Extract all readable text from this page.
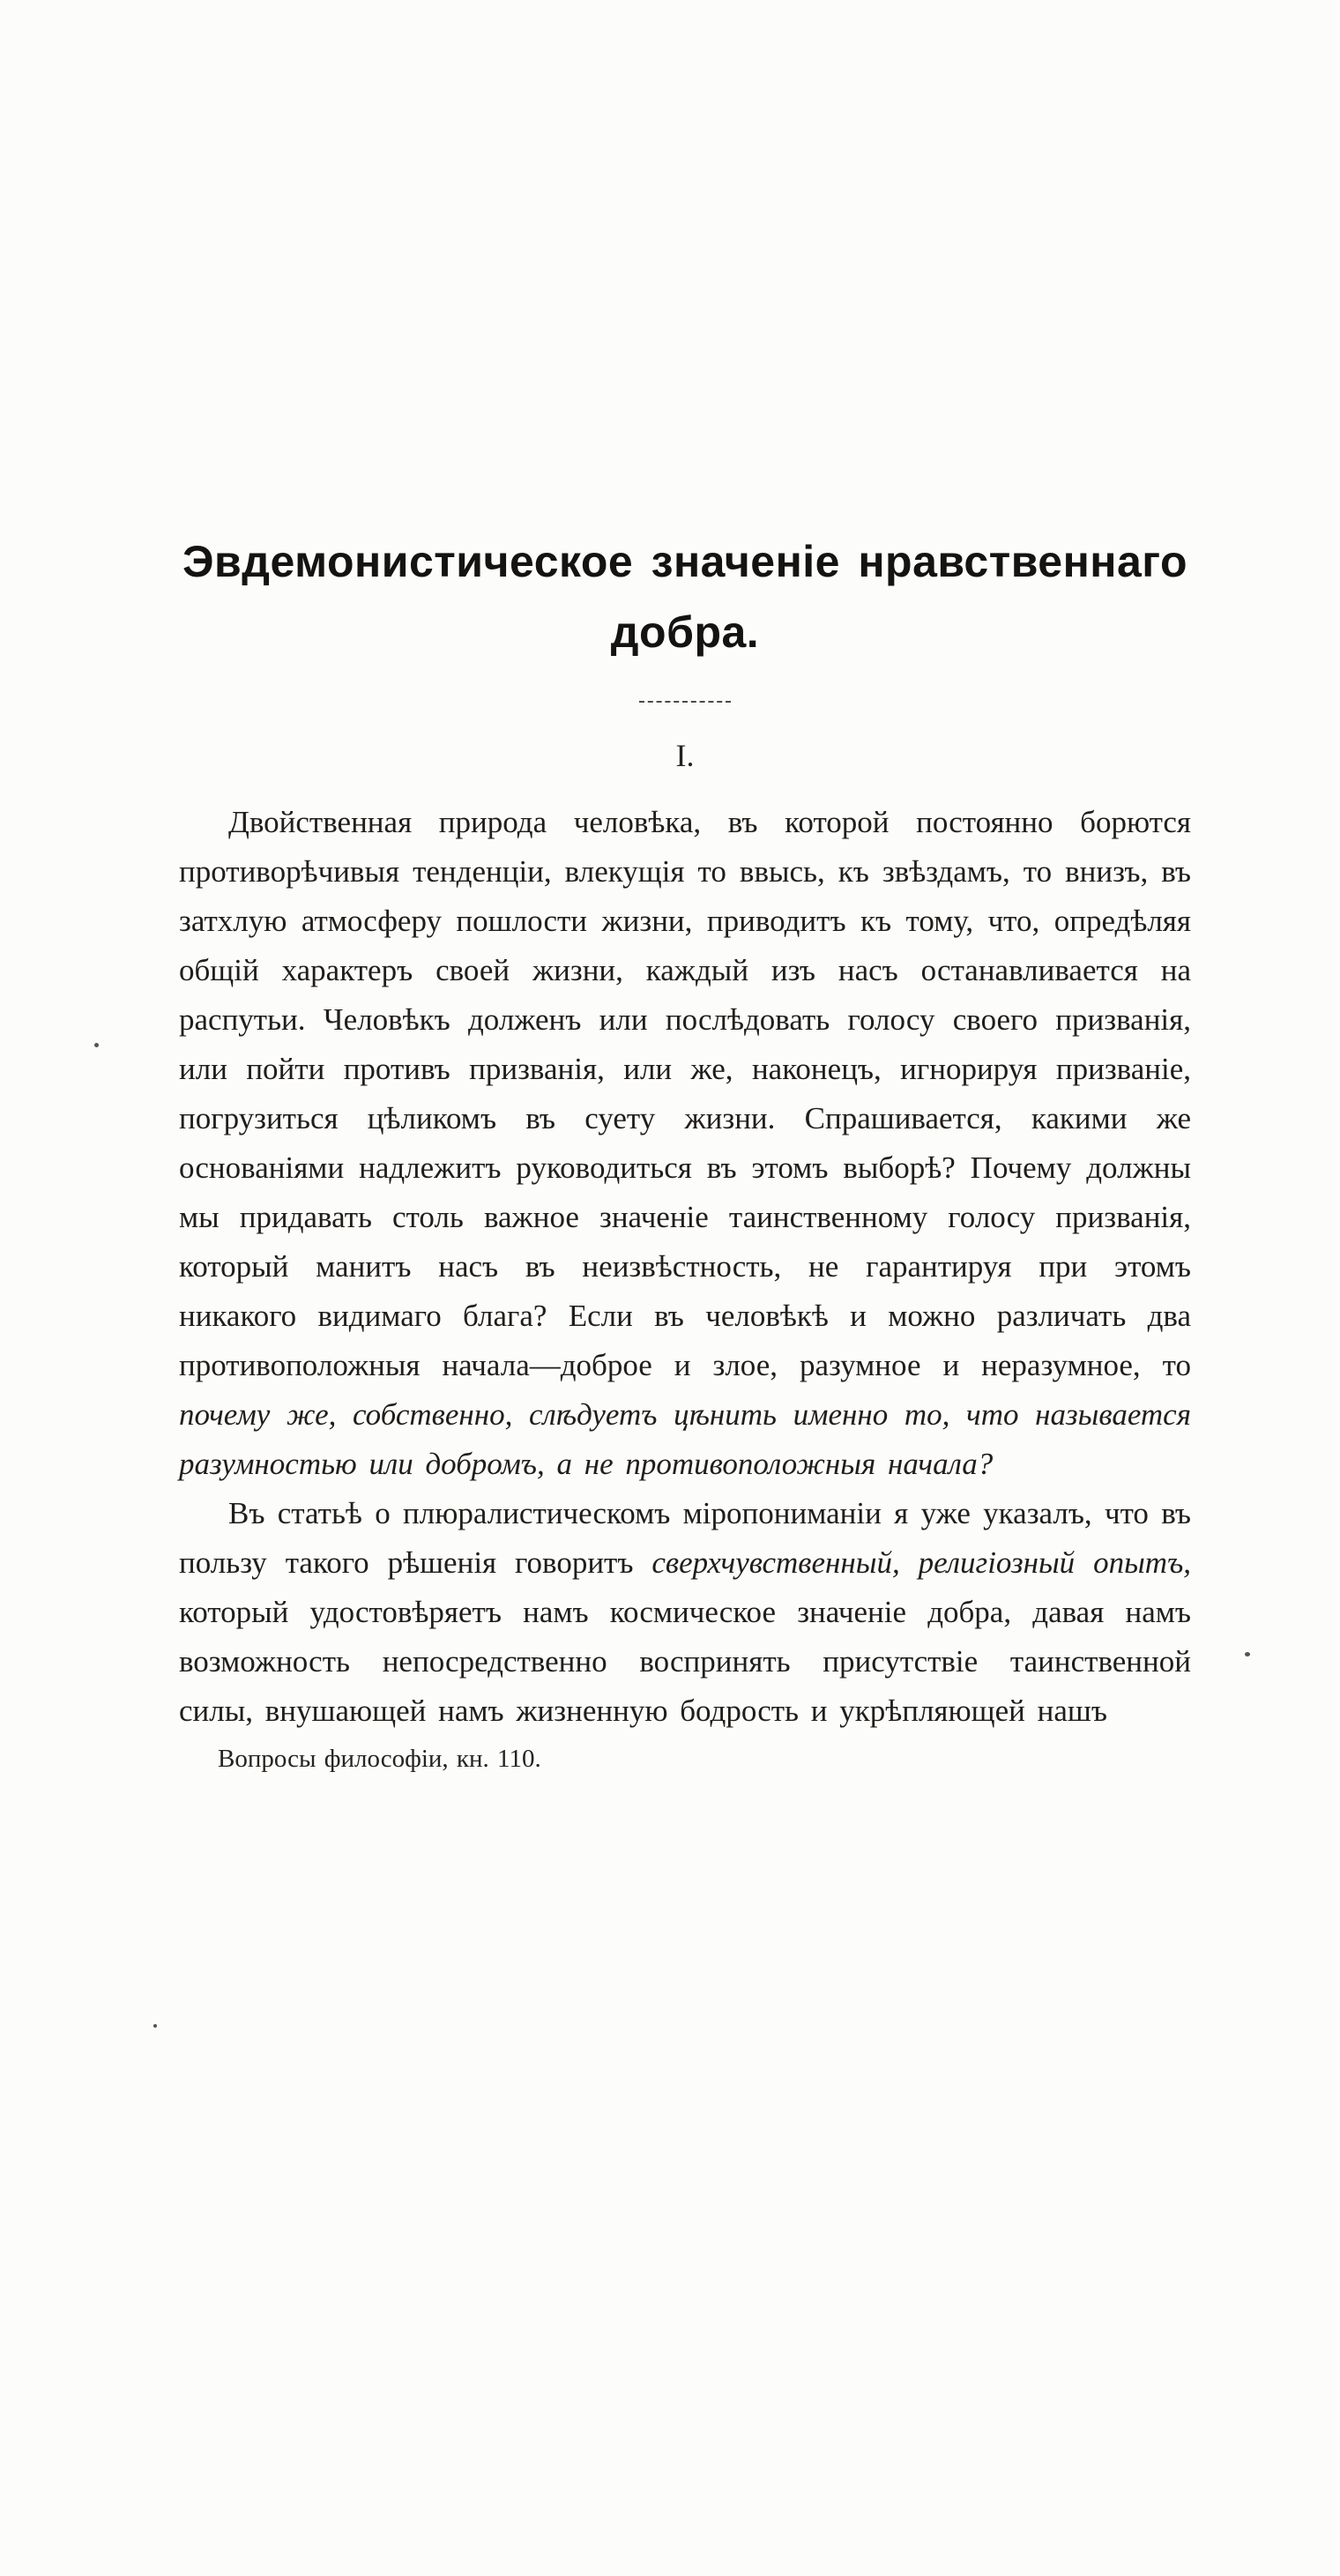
Эвдемонистическое значеніе нравственнаго
добра.
I.

Двойственная природа человѣка, въ которой постоянно борются противорѣчивыя тенденціи, влекущія то ввысь, къ звѣздамъ, то внизъ, въ затхлую атмосферу пошлости жизни, приводитъ къ тому, что, опредѣляя общій характеръ своей жизни, каждый изъ насъ останавливается на распутьи. Человѣкъ долженъ или послѣдовать голосу своего призванія, или пойти противъ призванія, или же, наконецъ, игнорируя призваніе, погрузиться цѣликомъ въ суету жизни. Спрашивается, какими же основаніями надлежитъ руководиться въ этомъ выборѣ? Почему должны мы придавать столь важное значеніе таинственному голосу призванія, который манитъ насъ въ неизвѣстность, не гарантируя при этомъ никакого видимаго блага? Если въ человѣкѣ и можно различать два противоположныя начала—доброе и злое, разумное и неразумное, то почему же, собственно, слѣдуетъ цѣнить именно то, что называется разумностью или добромъ, а не противоположныя начала?

Въ статьѣ о плюралистическомъ міропониманіи я уже указалъ, что въ пользу такого рѣшенія говоритъ сверхчувственный, религіозный опытъ, который удостовѣряетъ намъ космическое значеніе добра, давая намъ возможность непосредственно воспринять присутствіе таинственной силы, внушающей намъ жизненную бодрость и укрѣпляющей нашъ

Вопросы философіи, кн. 110.
